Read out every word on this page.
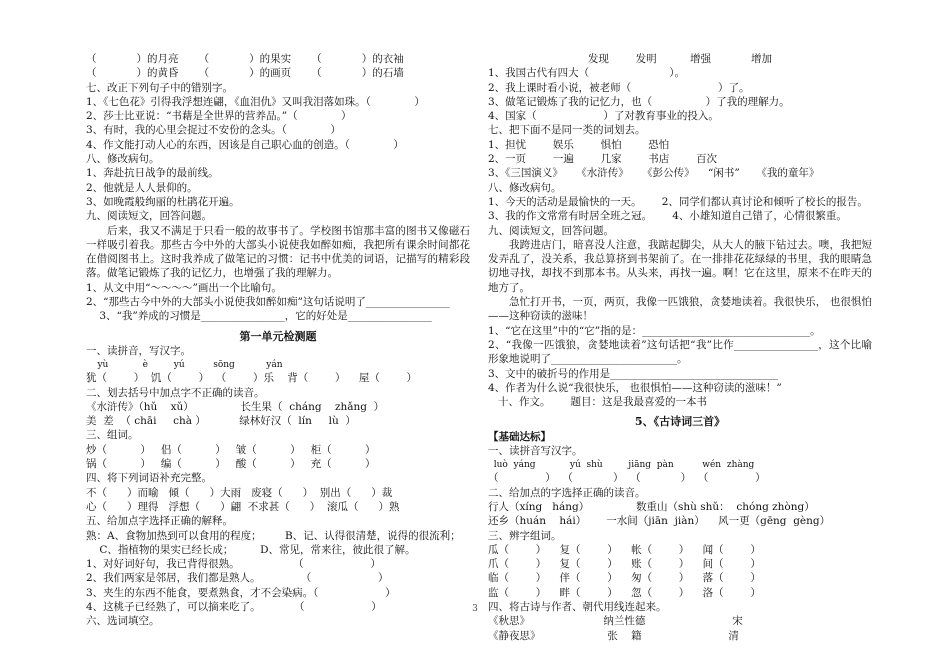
（            ）的月亮      （            ）的果实      （            ）的衣袖
（            ）的黄昏      （            ）的画页      （            ）的石墙
七、改正下列句子中的错别字。
1、《七色花》引得我浮想连翩，《血泪仇》又叫我泪落如珠。（             ）
2、莎士比亚说：“书藉是全世界的营养品。”（             ）
3、有时，我的心里会捉过不安份的念头。（             ）
4、作文能打动人心的东西，因该是自己职心血的创造。（             ）
八、修改病句。
1、奔赴抗日战争的最前线。
2、他就是人人景仰的。
3、如晚霞般绚丽的杜鹃花开遍。
九、阅读短文，回答问题。
后来，我又不满足于只看一般的故事书了。学校图书馆那丰富的图书又像磁石一样吸引着我。那些古今中外的大部头小说使我如醉如痴，我把所有课余时间都花在借阅图书上。这时我养成了做笔记的习惯：记书中优美的词语，记描写的精彩段落。做笔记锻炼了我的记忆力，也增强了我的理解力。
1、从文中用“～～～～”画出一个比喻句。
2、“那些古今中外的大部头小说使我如醉如痴”这句话说明了________________
3、“我”养成的习惯是________________，它的好处是________________
第一单元检测题
一、读拼音，写汉字。
yù            è         yú          sōng           yán
犹（        ）  饥（        ）  （        ）乐    背（        ）    屋（        ）
二、划去括号中加点字不正确的读音。
《水浒传》（hǔ    xǔ）              长生果（  cháng    zhǎng  ）
美  差  （ chāi     chà ）          绿林好汉（  lín     lù  ）
三、组词。
炒（          ）   侣（          ）   皱（          ）   柜（          ）
锅（          ）   编（          ）   酸（          ）   充（          ）
四、将下列词语补充完整。
不（      ）而喻   倾（      ）大雨   废寝（      ）  别出（      ）裁
心（      ）理得   浮想（      ）翩  不求甚（      ）  滚瓜（      ）熟
五、给加点字选择正确的解释。
熟：A、食物加热到可以食用的程度；       B、记、认得很清楚，说得的很流利；
C、指植物的果实已经长成；        D、常见，常来往，彼此很了解。
1、对好词好句，我已背得很熟。                （                    ）
2、我们两家是邻居，我们都是熟人。            （                    ）
3、夹生的东西不能食，要煮熟食，才不会染病。（                    ）
4、这桃子已经熟了，可以摘来吃了。          （                    ）
六、选词填空。
发现        发明          增强            增加
1、我国古代有四大（                        ）。
2、我上课时看小说，被老师（                          ）了。
3、做笔记锻炼了我的记忆力，也（                ）了我的理解力。
4、国家（                    ）了对教育事业的投入。
七、把下面不是同一类的词划去。
1、担忧        娱乐        惧怕        恐怕
2、一页        一遍        几家        书店        百次
3、《三国演义》    《水浒传》    《彭公传》    “闲书”     《我的童年》
八、修改病句。
1、今天的活动是最愉快的一天。      2、同学们都认真讨论和倾听了校长的报告。
3、我的作文常常有时居全班之冠。      4、小雄知道自己错了，心情很繁重。
九、阅读短文，回答问题。
我跨进店门，暗喜没人注意，我踮起脚尖，从大人的腋下钻过去。噢，我把短发弄乱了，没关系，我总算挤到书架前了。在一排排花花绿绿的书里，我的眼睛急切地寻找，却找不到那本书。从头来，再找一遍。啊！它在这里，原来不在昨天的地方了。
急忙打开书，一页，两页，我像一匹饿狼，贪婪地读着。我很快乐， 也很惧怕——这种窃读的滋味！
1、“它在这里”中的“它”指的是：________________________________。
2、“我像一匹饿狼，贪婪地读着”这句话把“我”比作________________，这个比喻形象地说明了________________________。
3、文中的破折号的作用是________________________________
4、作者为什么说“我很快乐， 也很惧怕——这种窃读的滋味！”
十、作文。      题目：这是我最喜爱的一本书
5、《古诗词三首》
【基础达标】
一、读拼音写汉字。
luò  yáng            yú  shù         jiāng  pàn          wén  zhàng
（              ）  （            ）  （            ）  （              ）
二、给加点的字选择正确的读音。
行人（xíng   háng）              数重山（shù shǔ：  chóng zhòng）
还乡（huán    hái）      一水间（jiān  jiàn）    风一更（gēng  gèng）
三、辨字组词。
瓜（        ）    复（        ）    帐（        ）    闻（        ）
爪（        ）    复（        ）    账（        ）    间（        ）
临（        ）    伴（        ）    匆（        ）    落（        ）
监（        ）    畔（        ）    忽（        ）    洛（        ）
四、将古诗与作者、朝代用线连起来。
《秋思》                      纳兰性德                          宋
《静夜思》                    张    籍                          清
3
